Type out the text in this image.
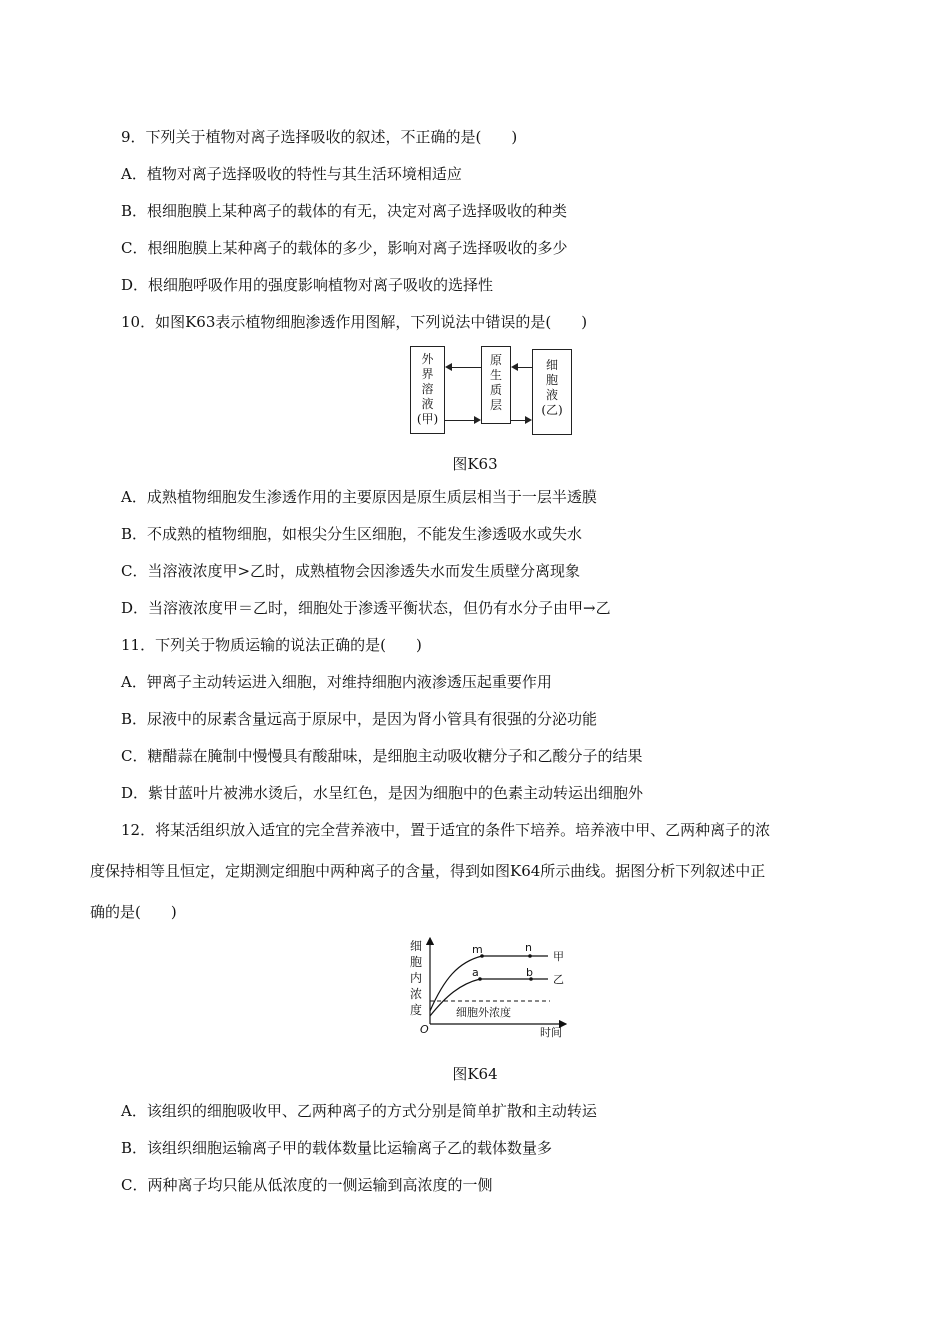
9．下列关于植物对离子选择吸收的叙述，不正确的是(　　)
A．植物对离子选择吸收的特性与其生活环境相适应
B．根细胞膜上某种离子的载体的有无，决定对离子选择吸收的种类
C．根细胞膜上某种离子的载体的多少，影响对离子选择吸收的多少
D．根细胞呼吸作用的强度影响植物对离子吸收的选择性
10．如图K63表示植物细胞渗透作用图解，下列说法中错误的是(　　)
外
界
溶
液
(甲)
原
生
质
层
细
胞
液
(乙)
图K63
A．成熟植物细胞发生渗透作用的主要原因是原生质层相当于一层半透膜
B．不成熟的植物细胞，如根尖分生区细胞，不能发生渗透吸水或失水
C．当溶液浓度甲>乙时，成熟植物会因渗透失水而发生质壁分离现象
D．当溶液浓度甲＝乙时，细胞处于渗透平衡状态，但仍有水分子由甲→乙
11．下列关于物质运输的说法正确的是(　　)
A．钾离子主动转运进入细胞，对维持细胞内液渗透压起重要作用
B．尿液中的尿素含量远高于原尿中，是因为肾小管具有很强的分泌功能
C．糖醋蒜在腌制中慢慢具有酸甜味，是细胞主动吸收糖分子和乙酸分子的结果
D．紫甘蓝叶片被沸水烫后，水呈红色，是因为细胞中的色素主动转运出细胞外
12．将某活组织放入适宜的完全营养液中，置于适宜的条件下培养。培养液中甲、乙两种离子的浓
度保持相等且恒定，定期测定细胞中两种离子的含量，得到如图K64所示曲线。据图分析下列叙述中正
确的是(　　)
细
胞
内
浓
度
m	n
a	b
甲
乙
细胞外浓度
O	时间
图K64
A．该组织的细胞吸收甲、乙两种离子的方式分别是简单扩散和主动转运
B．该组织细胞运输离子甲的载体数量比运输离子乙的载体数量多
C．两种离子均只能从低浓度的一侧运输到高浓度的一侧
